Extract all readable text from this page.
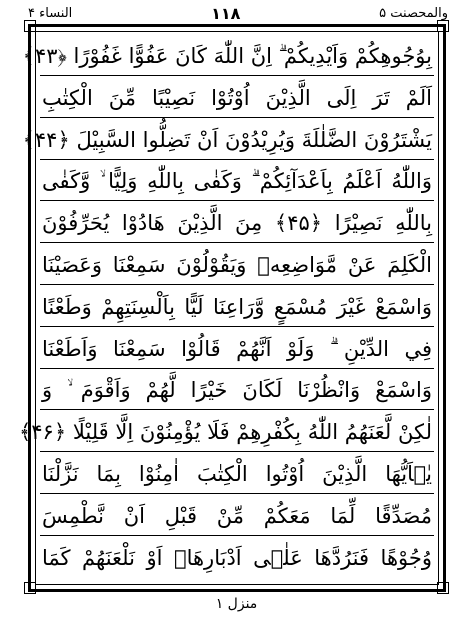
النساء ۴	۱۱۸	والمحصنت ۵
بِوُجُوهِكُمْ وَاَيْدِيكُمْ ۗ اِنَّ اللّٰهَ كَانَ عَفُوًّا غَفُوْرًا ﴿۴۳﴾
اَلَمْ تَرَ اِلَى الَّذِيْنَ اُوْتُوْا نَصِيْبًا مِّنَ الْكِتٰبِ
يَشْتَرُوْنَ الضَّلٰلَةَ وَيُرِيْدُوْنَ اَنْ تَضِلُّوا السَّبِيْلَ ﴿۴۴﴾
وَاللّٰهُ اَعْلَمُ بِاَعْدَآئِكُمْ ۗ وَكَفٰى بِاللّٰهِ وَلِيًّا ۙ وَّكَفٰى
بِاللّٰهِ نَصِيْرًا ﴿۴۵﴾ مِنَ الَّذِيْنَ هَادُوْا يُحَرِّفُوْنَ
الْكَلِمَ عَنْ مَّوَاضِعِهٖ وَيَقُوْلُوْنَ سَمِعْنَا وَعَصَيْنَا
وَاسْمَعْ غَيْرَ مُسْمَعٍ وَّرَاعِنَا لَيًّا بِاَلْسِنَتِهِمْ وَطَعْنًا
فِي الدِّيْنِ ۗ وَلَوْ اَنَّهُمْ قَالُوْا سَمِعْنَا وَاَطَعْنَا
وَاسْمَعْ وَانْظُرْنَا لَكَانَ خَيْرًا لَّهُمْ وَاَقْوَمَ ۙ وَ
لٰكِنْ لَّعَنَهُمُ اللّٰهُ بِكُفْرِهِمْ فَلَا يُؤْمِنُوْنَ اِلَّا قَلِيْلًا ﴿۴۶﴾
يٰۤاَيُّهَا الَّذِيْنَ اُوْتُوا الْكِتٰبَ اٰمِنُوْا بِمَا نَزَّلْنَا
مُصَدِّقًا لِّمَا مَعَكُمْ مِّنْ قَبْلِ اَنْ نَّطْمِسَ
وُجُوْهًا فَنَرُدَّهَا عَلٰۤى اَدْبَارِهَاۤ اَوْ نَلْعَنَهُمْ كَمَا
منزل ۱
